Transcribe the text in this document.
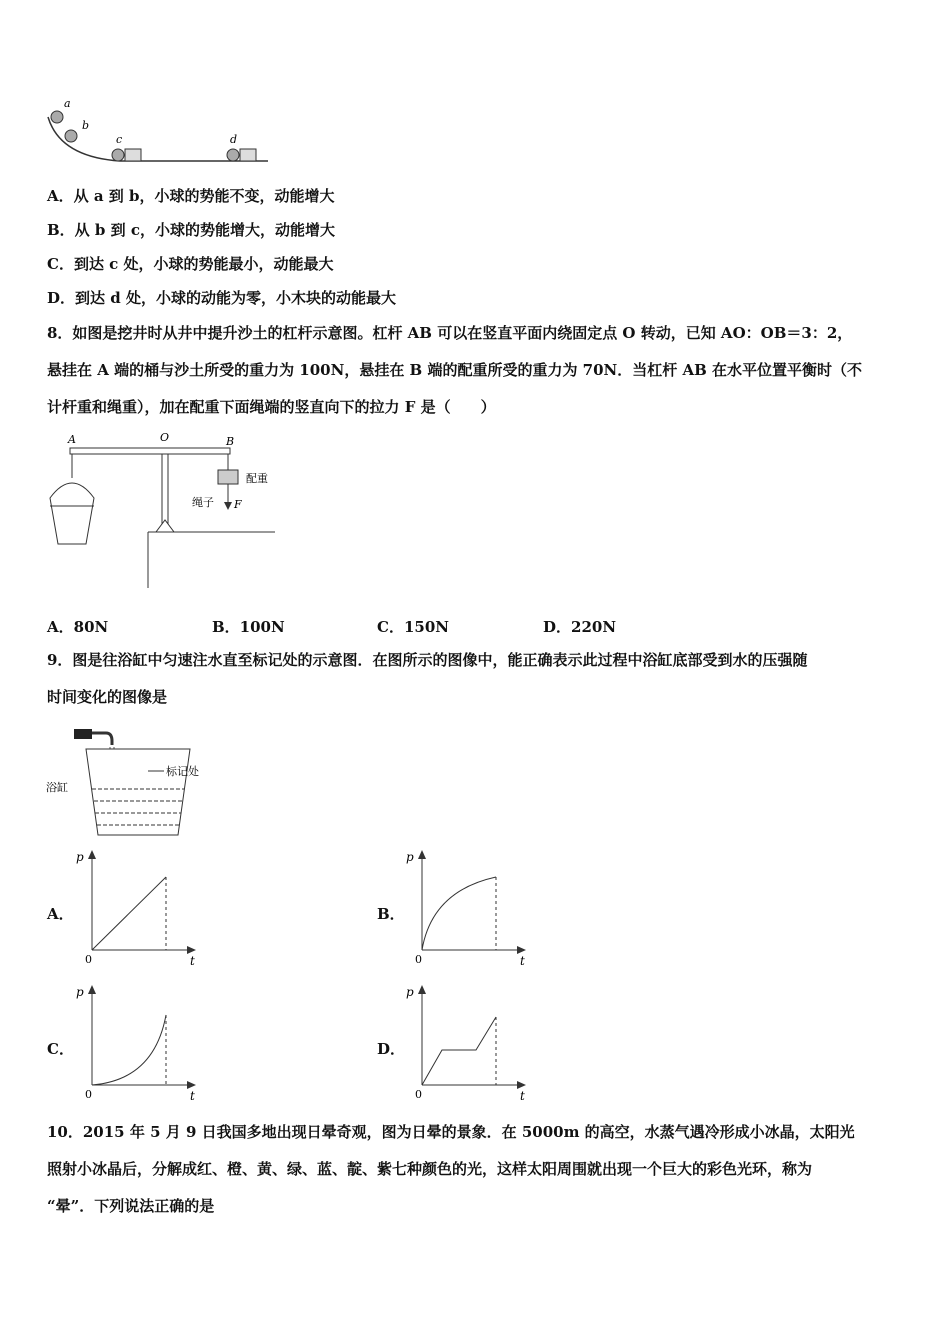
a
b
c	d
A．从 a 到 b，小球的势能不变，动能增大
B．从 b 到 c，小球的势能增大，动能增大
C．到达 c 处，小球的势能最小，动能最大
D．到达 d 处，小球的动能为零，小木块的动能最大
8．如图是挖井时从井中提升沙土的杠杆示意图。杠杆 AB 可以在竖直平面内绕固定点 O 转动，已知 AO：OB＝3：2，
悬挂在 A 端的桶与沙土所受的重力为 100N，悬挂在 B 端的配重所受的重力为 70N．当杠杆 AB 在水平位置平衡时（不
计杆重和绳重），加在配重下面绳端的竖直向下的拉力 F 是（　　）
A	O	B
配重
绳子 F
A．80N	B．100N	C．150N	D．220N
9．图是往浴缸中匀速注水直至标记处的示意图．在图所示的图像中，能正确表示此过程中浴缸底部受到水的压强随
时间变化的图像是
标记处
浴缸
A．
p
t
0
B．
p
t
0
C．
p
t
0
D．
p
t
0
10．2015 年 5 月 9 日我国多地出现日晕奇观，图为日晕的景象．在 5000m 的高空，水蒸气遇冷形成小冰晶，太阳光
照射小冰晶后，分解成红、橙、黄、绿、蓝、靛、紫七种颜色的光，这样太阳周围就出现一个巨大的彩色光环，称为
“晕”．下列说法正确的是
